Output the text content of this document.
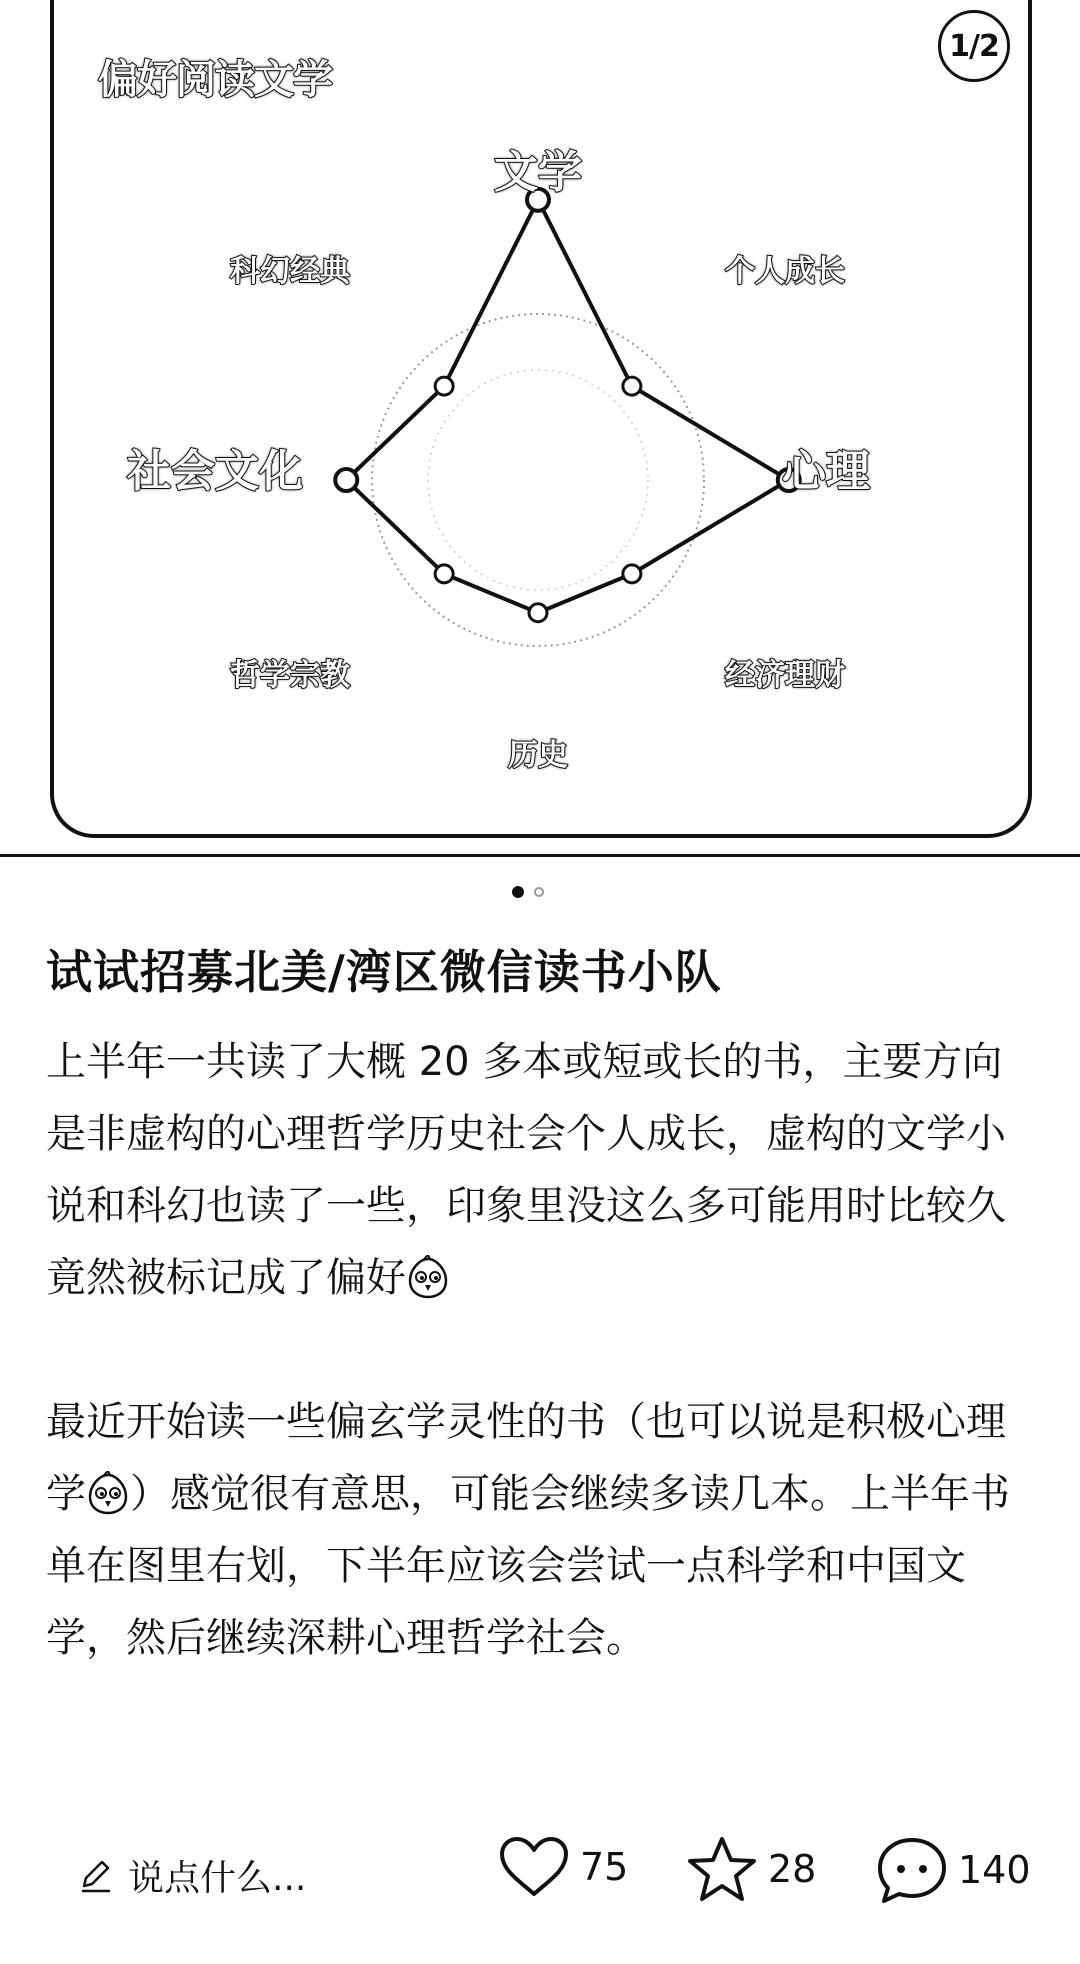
1/2
偏好阅读文学
文学
个人成长
心理
经济理财
历史
哲学宗教
社会文化
科幻经典
试试招募北美/湾区微信读书小队

上半年一共读了大概 20 多本或短或长的书，主要方向是非虚构的心理哲学历史社会个人成长，虚构的文学小说和科幻也读了一些，印象里没这么多可能用时比较久竟然被标记成了偏好

最近开始读一些偏玄学灵性的书（也可以说是积极心理学 ）感觉很有意思，可能会继续多读几本。上半年书单在图里右划，下半年应该会尝试一点科学和中国文学，然后继续深耕心理哲学社会。

说点什么...	75	28	140
